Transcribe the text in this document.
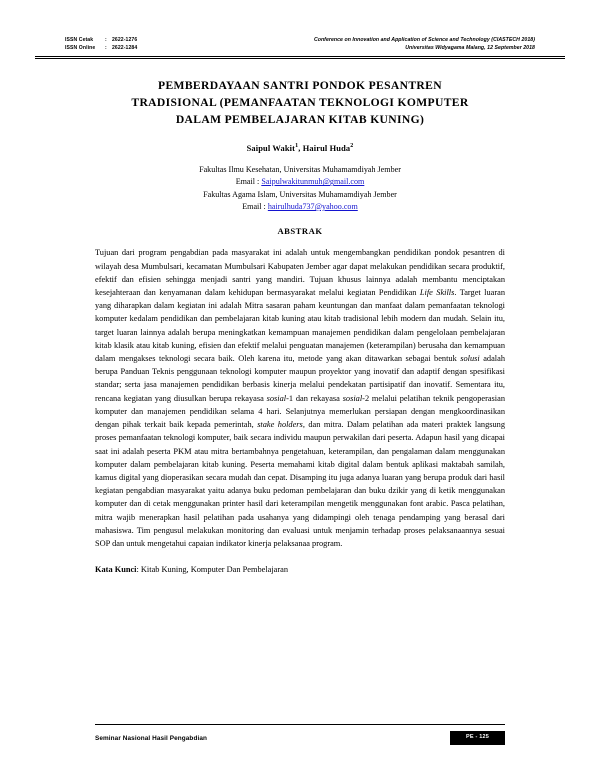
ISSN Cetak	:	2622-1276
ISSN Online	:	2622-1284
Conference on Innovation and Application of Science and Technology (CIASTECH 2018)
Universitas Widyagama Malang, 12 September 2018
PEMBERDAYAAN SANTRI PONDOK PESANTREN
TRADISIONAL (PEMANFAATAN TEKNOLOGI KOMPUTER
DALAM PEMBELAJARAN KITAB KUNING)
Saipul Wakit$^1$, Hairul Huda$^2$
Fakultas Ilmu Kesehatan, Universitas Muhamamdiyah Jember
Email : Saipulwakitunmuh@gmail.com
Fakultas Agama Islam, Universitas Muhamamdiyah Jember
Email : hairulhuda737@yahoo.com
ABSTRAK
Tujuan dari program pengabdian pada masyarakat ini adalah untuk mengembangkan pendidikan pondok pesantren di wilayah desa Mumbulsari, kecamatan Mumbulsari Kabupaten Jember agar dapat melakukan pendidikan secara produktif, efektif dan efisien sehingga menjadi santri yang mandiri. Tujuan khusus lainnya adalah membantu menciptakan kesejahteraan dan kenyamanan dalam kehidupan bermasyarakat melalui kegiatan Pendidikan Life Skills. Target luaran yang diharapkan dalam kegiatan ini adalah Mitra sasaran paham keuntungan dan manfaat dalam pemanfaatan teknologi komputer kedalam pendidikan dan pembelajaran kitab kuning atau kitab tradisional lebih modern dan mudah. Selain itu, target luaran lainnya adalah berupa meningkatkan kemampuan manajemen pendidikan dalam pengelolaan pembelajaran kitab klasik atau kitab kuning, efisien dan efektif melalui penguatan manajemen (keterampilan) berusaha dan kemampuan dalam mengakses teknologi secara baik. Oleh karena itu, metode yang akan ditawarkan sebagai bentuk solusi adalah berupa Panduan Teknis penggunaan teknologi komputer maupun proyektor yang inovatif dan adaptif dengan spesifikasi standar; serta jasa manajemen pendidikan berbasis kinerja melalui pendekatan partisipatif dan inovatif. Sementara itu, rencana kegiatan yang diusulkan berupa rekayasa sosial-1 dan rekayasa sosial-2 melalui pelatihan teknik pengoperasian komputer dan manajemen pendidikan selama 4 hari. Selanjutnya memerlukan persiapan dengan mengkoordinasikan dengan pihak terkait baik kepada pemerintah, stake holders, dan mitra. Dalam pelatihan ada materi praktek langsung proses pemanfaatan teknologi komputer, baik secara individu maupun perwakilan dari peserta. Adapun hasil yang dicapai saat ini adalah peserta PKM atau mitra bertambahnya pengetahuan, keterampilan, dan pengalaman dalam menggunakan komputer dalam pembelajaran kitab kuning. Peserta memahami kitab digital dalam bentuk aplikasi maktabah samilah, kamus digital yang dioperasikan secara mudah dan cepat. Disamping itu juga adanya luaran yang berupa produk dari hasil kegiatan pengabdian masyarakat yaitu adanya buku pedoman pembelajaran dan buku dzikir yang di ketik menggunakan komputer dan di cetak menggunakan printer hasil dari keterampilan mengetik menggunakan font arabic. Pasca pelatihan, mitra wajib menerapkan hasil pelatihan pada usahanya yang didampingi oleh tenaga pendamping yang berasal dari mahasiswa. Tim pengusul melakukan monitoring dan evaluasi untuk menjamin terhadap proses pelaksanaannya sesuai SOP dan untuk mengetahui capaian indikator kinerja pelaksanaa program.
Kata Kunci: Kitab Kuning, Komputer Dan Pembelajaran
Seminar Nasional Hasil Pengabdian	PE - 125
